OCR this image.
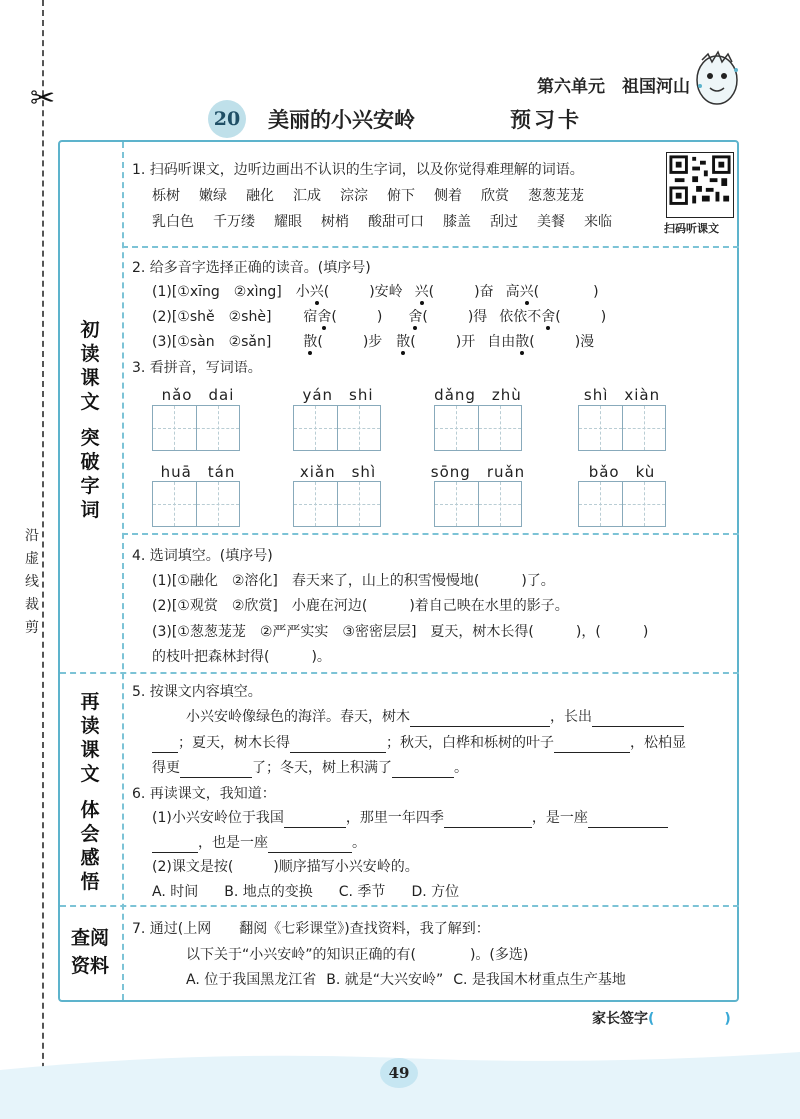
✂
沿
虚
线
裁
剪
第六单元　祖国河山
20 美丽的小兴安岭	预习卡
初
读
课
文
突
破
字
词
再
读
课
文
体
会
感
悟
查 阅
资 料
1. 扫码听课文，边听边画出不认识的生字词，以及你觉得难理解的词语。
栎树 嫩绿 融化 汇成 淙淙 俯下 侧着 欣赏 葱葱茏茏
乳白色 千万缕 耀眼 树梢 酸甜可口 膝盖 刮过 美餐 来临	扫码听课文
2. 给多音字选择正确的读音。(填序号)
(1)[①xīng　②xìng] 小兴(	)安岭 兴(	)奋 高兴(	)
(2)[①shě　②shè] 宿舍(	) 舍(	)得 依依不舍(	)
(3)[①sàn　②sǎn] 散(	)步 散(	)开 自由散(	)漫
3. 看拼音，写词语。
nǎo　dai	yán　shi	dǎng　zhù	shì　xiàn
huā　tán	xiǎn　shì	sōng　ruǎn	bǎo　kù
4. 选词填空。(填序号)
(1)[①融化　②溶化]　春天来了，山上的积雪慢慢地(	)了。
(2)[①观赏　②欣赏]　小鹿在河边(	)着自己映在水里的影子。
(3)[①葱葱茏茏　②严严实实　③密密层层]　夏天，树木长得(	)，(	)
的枝叶把森林封得(	)。
5. 按课文内容填空。
小兴安岭像绿色的海洋。春天，树木	，长出
；夏天，树木长得	；秋天，白桦和栎树的叶子	，松柏显
得更	了；冬天，树上积满了	。
6. 再读课文，我知道：
(1)小兴安岭位于我国	，那里一年四季	，是一座
，也是一座	。
(2)课文是按(	)顺序描写小兴安岭的。
A. 时间 B. 地点的变换 C. 季节 D. 方位
7. 通过(上网　　翻阅《七彩课堂》)查找资料，我了解到：
以下关于“小兴安岭”的知识正确的有(	)。(多选)
A. 位于我国黑龙江省 B. 就是“大兴安岭” C. 是我国木材重点生产基地
家长签字(	)
49
